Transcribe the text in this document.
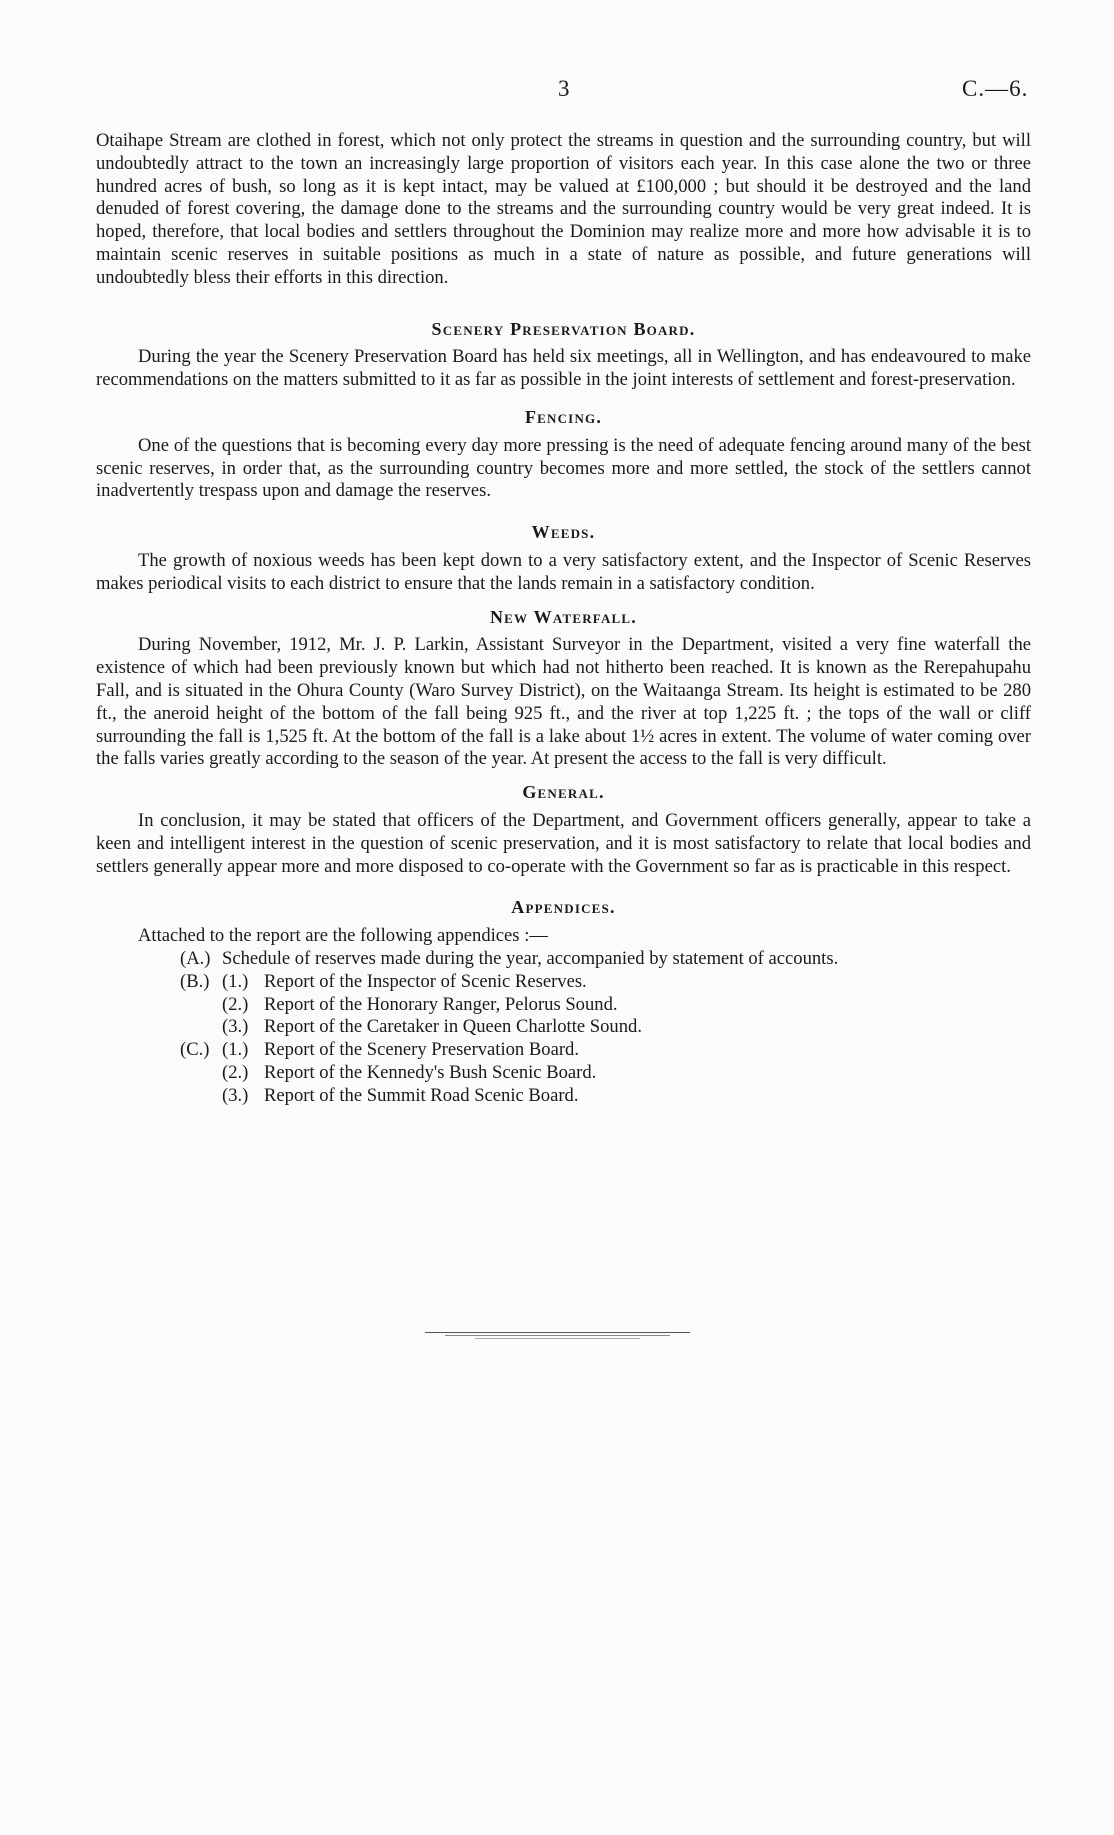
3	C.—6.

Otaihape Stream are clothed in forest, which not only protect the streams in question and the surrounding country, but will undoubtedly attract to the town an increasingly large proportion of visitors each year. In this case alone the two or three hundred acres of bush, so long as it is kept intact, may be valued at £100,000 ; but should it be destroyed and the land denuded of forest covering, the damage done to the streams and the surrounding country would be very great indeed. It is hoped, therefore, that local bodies and settlers throughout the Dominion may realize more and more how advisable it is to maintain scenic reserves in suitable positions as much in a state of nature as possible, and future generations will undoubtedly bless their efforts in this direction.

Scenery Preservation Board.

During the year the Scenery Preservation Board has held six meetings, all in Wellington, and has endeavoured to make recommendations on the matters submitted to it as far as possible in the joint interests of settlement and forest-preservation.

Fencing.

One of the questions that is becoming every day more pressing is the need of adequate fencing around many of the best scenic reserves, in order that, as the surrounding country becomes more and more settled, the stock of the settlers cannot inadvertently trespass upon and damage the reserves.

Weeds.

The growth of noxious weeds has been kept down to a very satisfactory extent, and the Inspector of Scenic Reserves makes periodical visits to each district to ensure that the lands remain in a satisfactory condition.

New Waterfall.

During November, 1912, Mr. J. P. Larkin, Assistant Surveyor in the Department, visited a very fine waterfall the existence of which had been previously known but which had not hitherto been reached. It is known as the Rerepahupahu Fall, and is situated in the Ohura County (Waro Survey District), on the Waitaanga Stream. Its height is estimated to be 280 ft., the aneroid height of the bottom of the fall being 925 ft., and the river at top 1,225 ft. ; the tops of the wall or cliff surrounding the fall is 1,525 ft. At the bottom of the fall is a lake about 1½ acres in extent. The volume of water coming over the falls varies greatly according to the season of the year. At present the access to the fall is very difficult.

General.

In conclusion, it may be stated that officers of the Department, and Government officers generally, appear to take a keen and intelligent interest in the question of scenic preservation, and it is most satisfactory to relate that local bodies and settlers generally appear more and more disposed to co-operate with the Government so far as is practicable in this respect.

Appendices.

Attached to the report are the following appendices :—

(A.) Schedule of reserves made during the year, accompanied by statement of accounts.
(B.) (1.) Report of the Inspector of Scenic Reserves.
(2.) Report of the Honorary Ranger, Pelorus Sound.
(3.) Report of the Caretaker in Queen Charlotte Sound.
(C.) (1.) Report of the Scenery Preservation Board.
(2.) Report of the Kennedy's Bush Scenic Board.
(3.) Report of the Summit Road Scenic Board.
